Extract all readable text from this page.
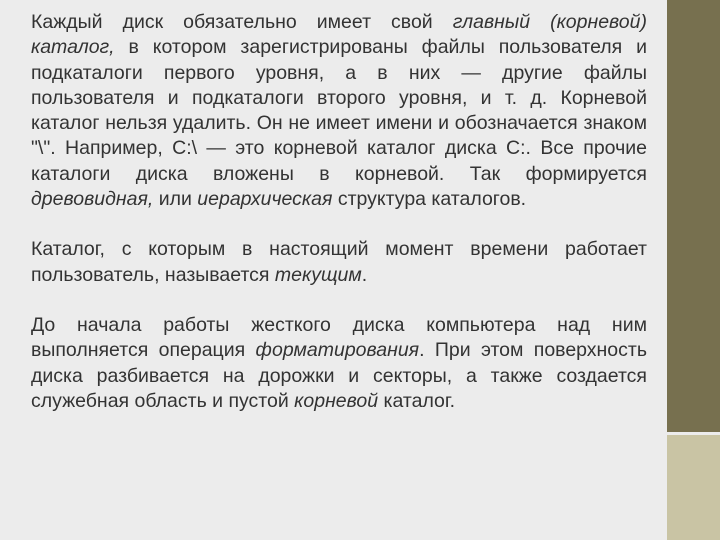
Каждый диск обязательно имеет свой главный (корневой) каталог, в котором зарегистрированы файлы пользователя и подкаталоги первого уровня, а в них — другие файлы пользователя и подкаталоги второго уровня, и т. д. Корневой каталог нельзя удалить. Он не имеет имени и обозначается знаком "\". Например, С:\ — это корневой каталог диска С:. Все прочие каталоги диска вложены в корневой. Так формируется древовидная, или иерархическая структура каталогов.

Каталог, с которым в настоящий момент времени работает пользователь, называется текущим.

До начала работы жесткого диска компьютера над ним выполняется операция форматирования. При этом поверхность диска разбивается на дорожки и секторы, а также создается служебная область и пустой корневой каталог.
